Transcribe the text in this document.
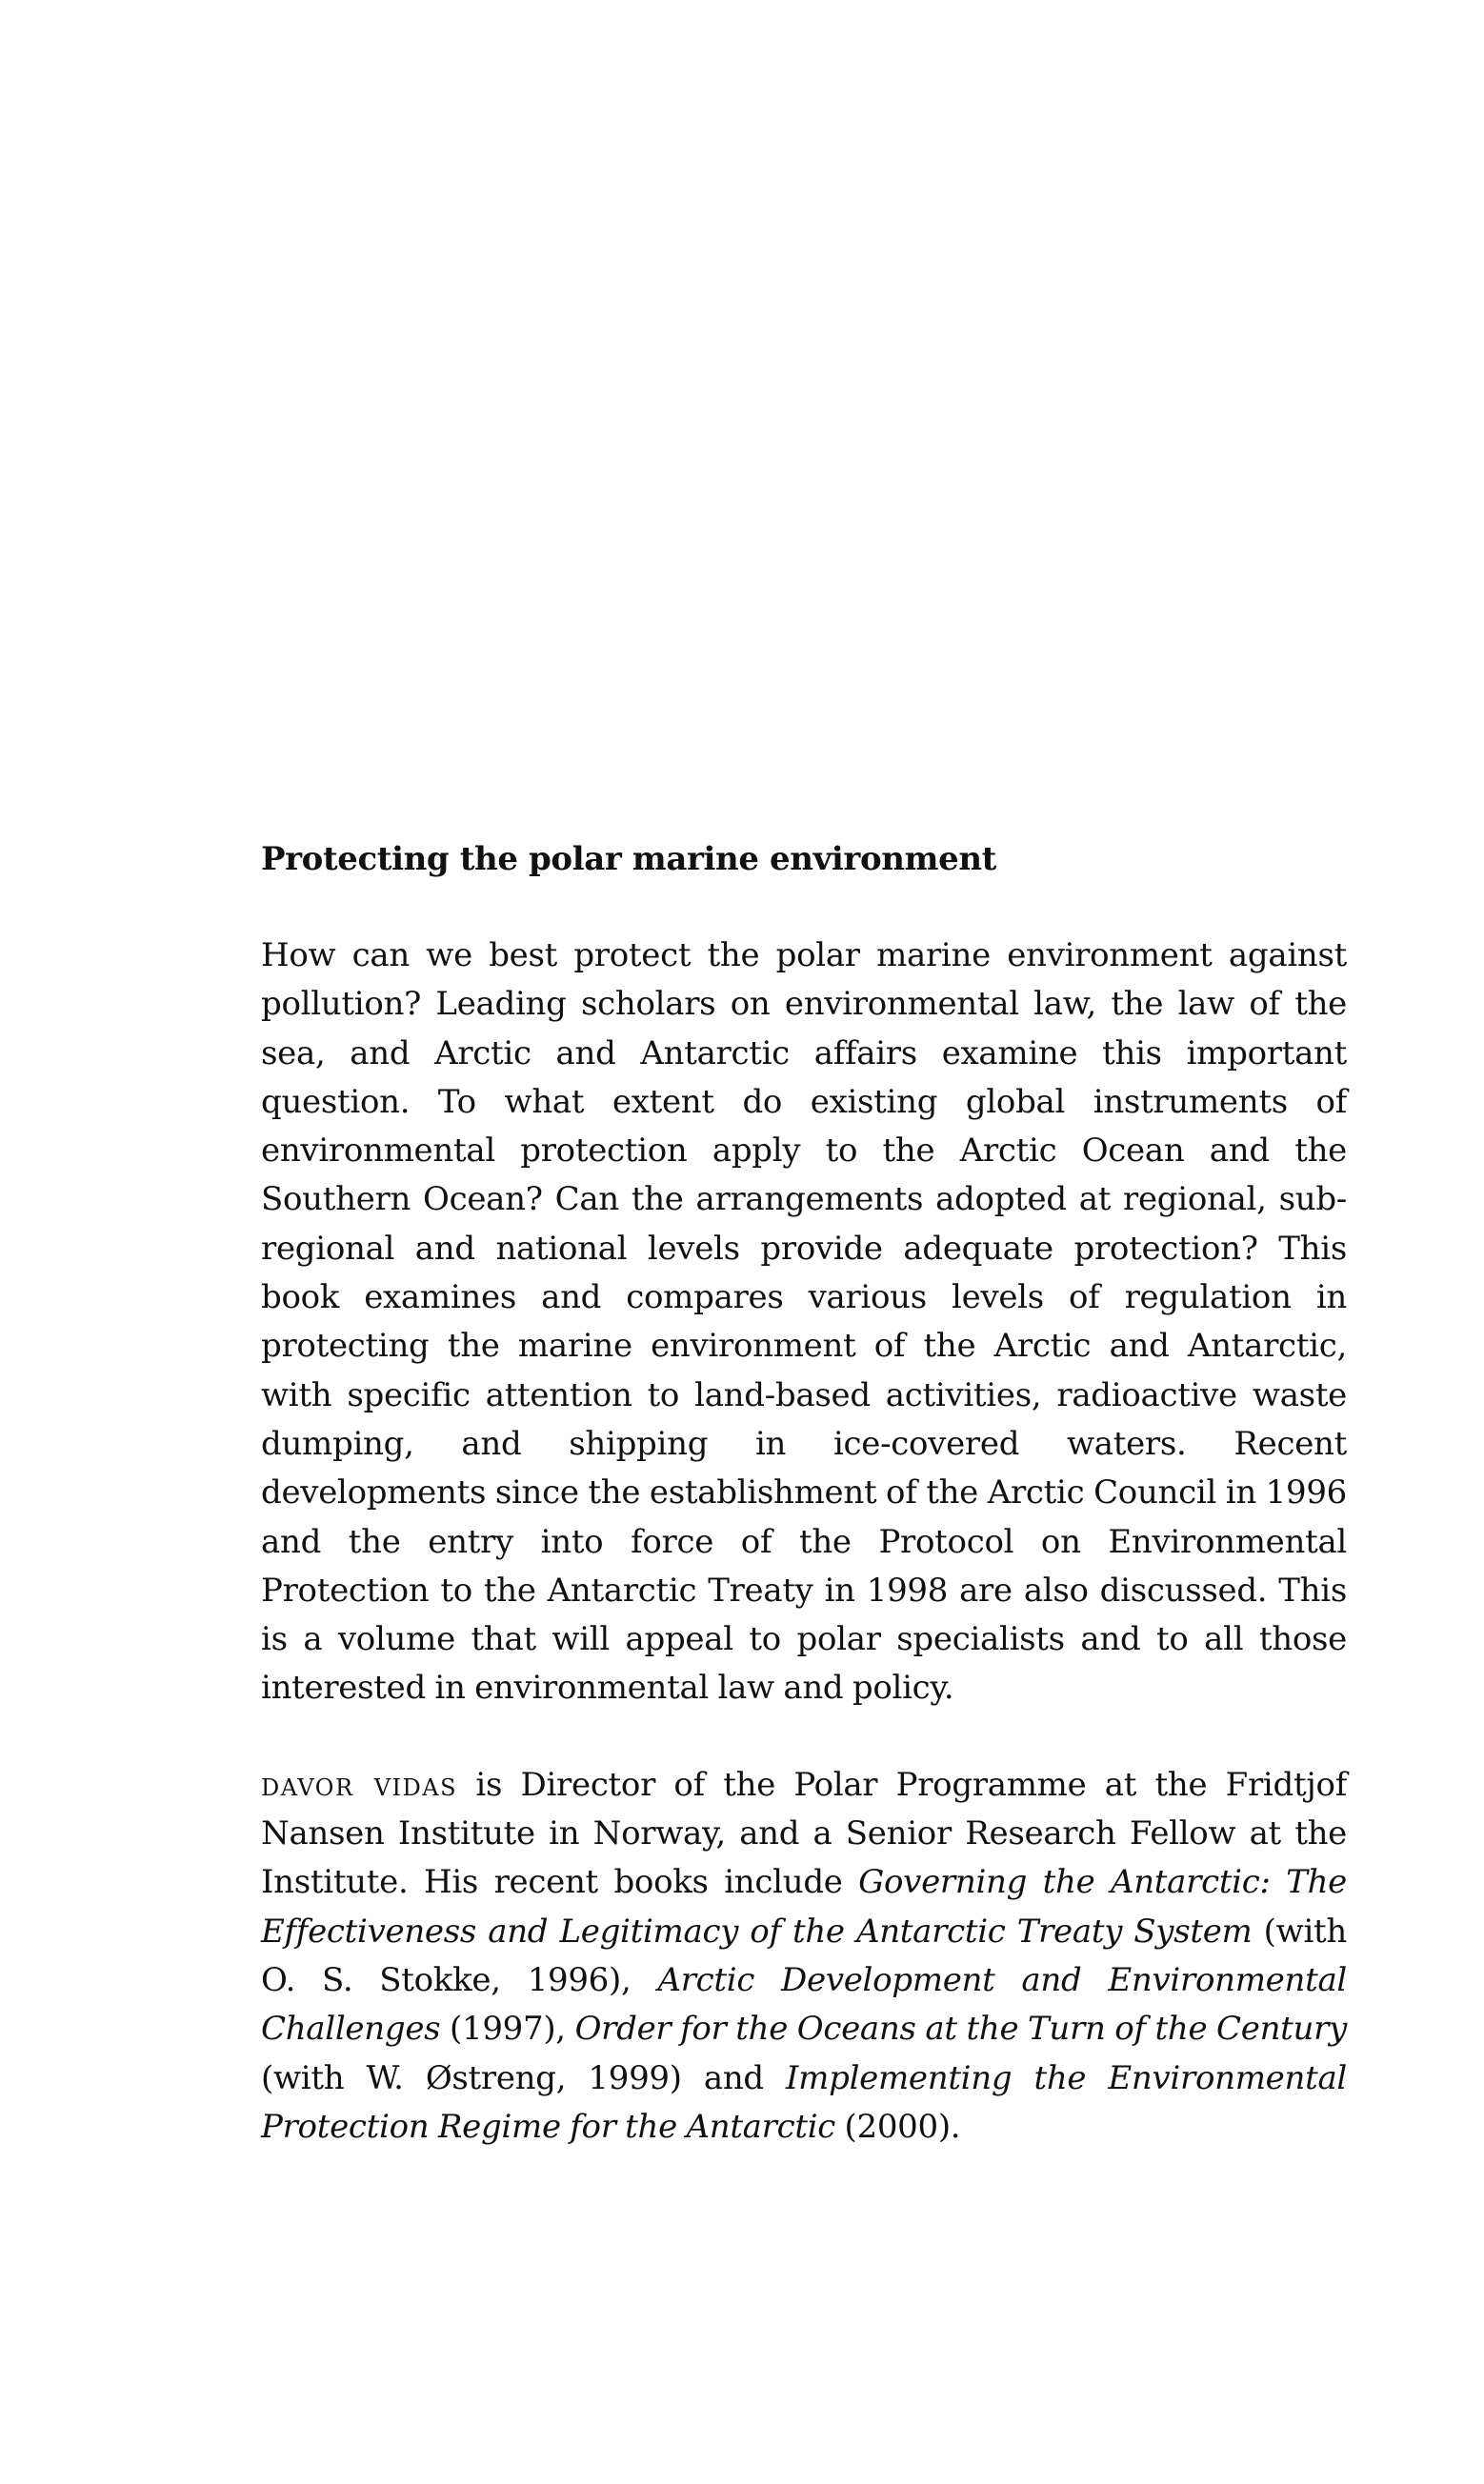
Protecting the polar marine environment

How can we best protect the polar marine environment against pollution? Leading scholars on environmental law, the law of the sea, and Arctic and Antarctic affairs examine this important question. To what extent do existing global instruments of environmental protection apply to the Arctic Ocean and the Southern Ocean? Can the arrangements adopted at regional, sub-regional and national levels provide adequate protection? This book examines and compares various levels of regulation in protecting the marine environment of the Arctic and Antarctic, with specific attention to land-based activities, radioactive waste dumping, and shipping in ice-covered waters. Recent developments since the establishment of the Arctic Council in 1996 and the entry into force of the Protocol on Environmental Protection to the Antarctic Treaty in 1998 are also discussed. This is a volume that will appeal to polar specialists and to all those interested in environmental law and policy.

davor vidas is Director of the Polar Programme at the Fridtjof Nansen Institute in Norway, and a Senior Research Fellow at the Institute. His recent books include Governing the Antarctic: The Effectiveness and Legitimacy of the Antarctic Treaty System (with O. S. Stokke, 1996), Arctic Development and Environmental Challenges (1997), Order for the Oceans at the Turn of the Century (with W. Østreng, 1999) and Implementing the Environmental Protection Regime for the Antarctic (2000).
